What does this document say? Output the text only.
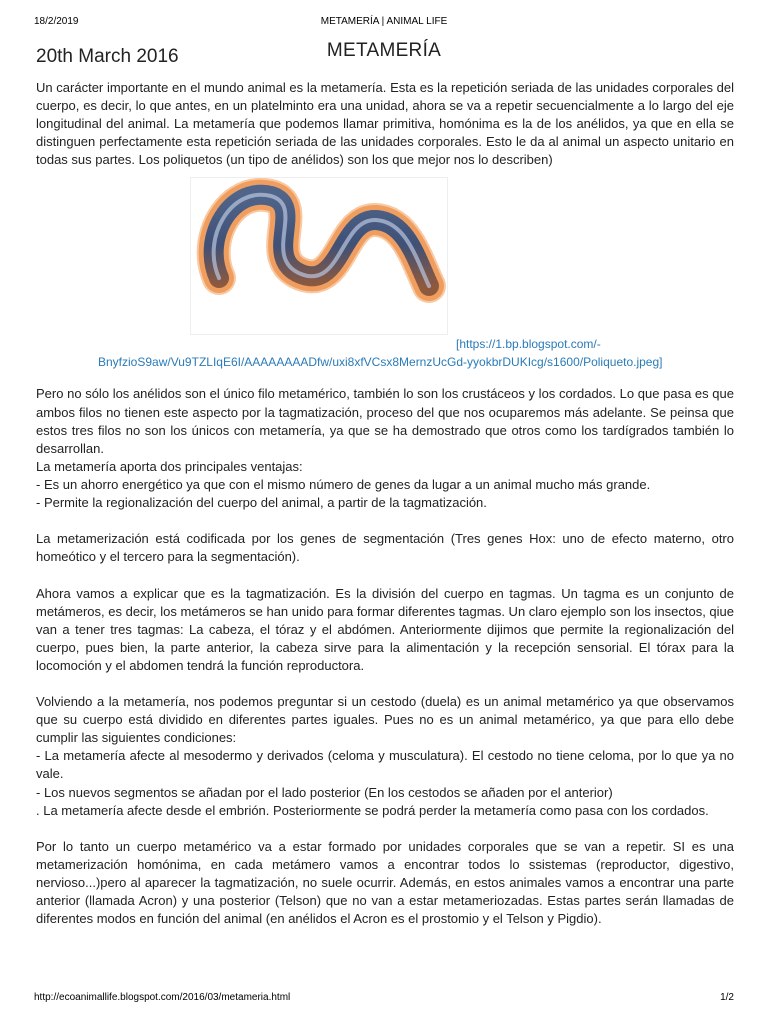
18/2/2019	METAMERÍA | ANIMAL LIFE
20th March 2016	METAMERÍA

Un carácter importante en el mundo animal es la metamería. Esta es la repetición seriada de las unidades corporales del cuerpo, es decir, lo que antes, en un platelminto era una unidad, ahora se va a repetir secuencialmente a lo largo del eje longitudinal del animal. La metamería que podemos llamar primitiva, homónima es la de los anélidos, ya que en ella se distinguen perfectamente esta repetición seriada de las unidades corporales. Esto le da al animal un aspecto unitario en todas sus partes. Los poliquetos (un tipo de anélidos) son los que mejor nos lo describen)

[https://1.bp.blogspot.com/-
BnyfzioS9aw/Vu9TZLIqE6I/AAAAAAAADfw/uxi8xfVCsx8MernzUcGd-yyokbrDUKIcg/s1600/Poliqueto.jpeg]

Pero no sólo los anélidos son el único filo metamérico, también lo son los crustáceos y los cordados. Lo que pasa es que ambos filos no tienen este aspecto por la tagmatización, proceso del que nos ocuparemos más adelante. Se peinsa que estos tres filos no son los únicos con metamería, ya que se ha demostrado que otros como los tardígrados también lo desarrollan.

La metamería aporta dos principales ventajas:

- Es un ahorro energético ya que con el mismo número de genes da lugar a un animal mucho más grande.

- Permite la regionalización del cuerpo del animal, a partir de la tagmatización.

La metamerización está codificada por los genes de segmentación (Tres genes Hox: uno de efecto materno, otro homeótico y el tercero para la segmentación).

Ahora vamos a explicar que es la tagmatización. Es la división del cuerpo en tagmas. Un tagma es un conjunto de metámeros, es decir, los metámeros se han unido para formar diferentes tagmas. Un claro ejemplo son los insectos, qiue van a tener tres tagmas: La cabeza, el tóraz y el abdómen. Anteriormente dijimos que permite la regionalización del cuerpo, pues bien, la parte anterior, la cabeza sirve para la alimentación y la recepción sensorial. El tórax para la locomoción y el abdomen tendrá la función reproductora.

Volviendo a la metamería, nos podemos preguntar si un cestodo (duela) es un animal metamérico ya que observamos que su cuerpo está dividido en diferentes partes iguales. Pues no es un animal metamérico, ya que para ello debe cumplir las siguientes condiciones:

- La metamería afecte al mesodermo y derivados (celoma y musculatura). El cestodo no tiene celoma, por lo que ya no vale.

- Los nuevos segmentos se añadan por el lado posterior (En los cestodos se añaden por el anterior)

. La metamería afecte desde el embrión. Posteriormente se podrá perder la metamería como pasa con los cordados.

Por lo tanto un cuerpo metamérico va a estar formado por unidades corporales que se van a repetir. SI es una metamerización homónima, en cada metámero vamos a encontrar todos lo ssistemas (reproductor, digestivo, nervioso...)pero al aparecer la tagmatización, no suele ocurrir. Además, en estos animales vamos a encontrar una parte anterior (llamada Acron) y una posterior (Telson) que no van a estar metameriozadas. Estas partes serán llamadas de diferentes modos en función del animal (en anélidos el Acron es el prostomio y el Telson y Pigdio).

http://ecoanimallife.blogspot.com/2016/03/metameria.html	1/2
